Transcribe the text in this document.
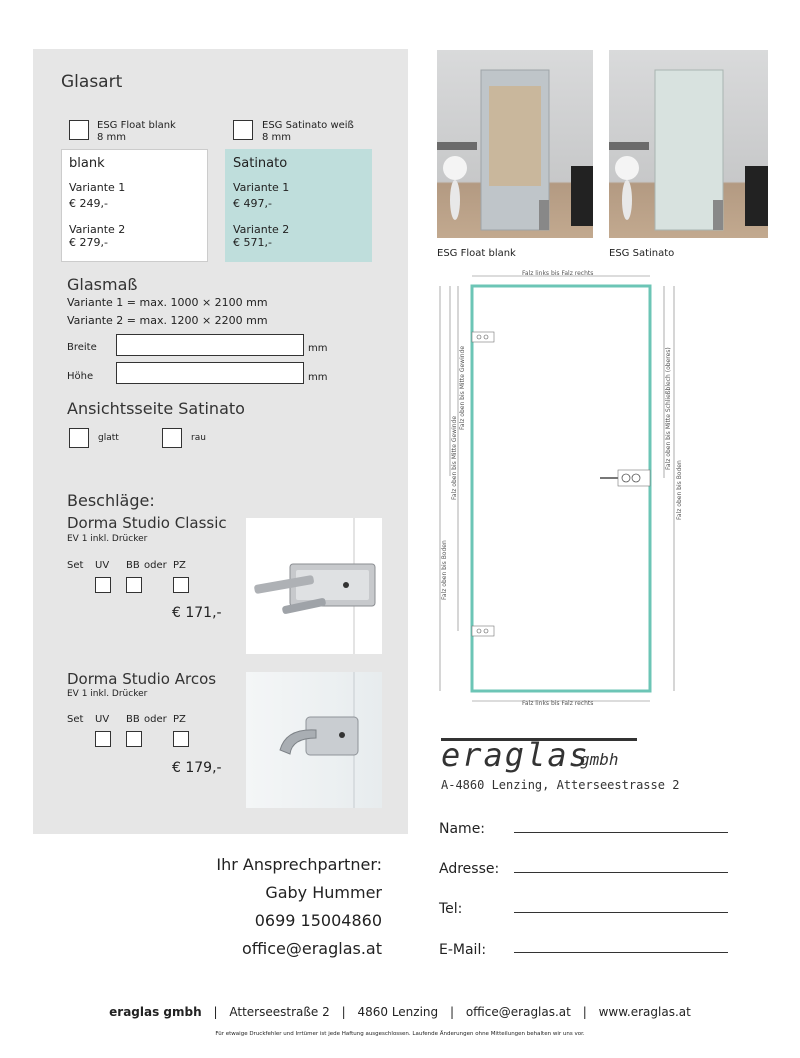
Glasart
ESG Float blank
8 mm
ESG Satinato weiß
8 mm
blank
Variante 1
€ 249,-
Variante 2
€ 279,-
Satinato
Variante 1
€ 497,-
Variante 2
€ 571,-
Glasmaß
Variante 1 = max. 1000 × 2100 mm
Variante 2 = max. 1200 × 2200 mm
Breite	mm
Höhe	mm
Ansichtsseite Satinato
glatt	rau
Beschläge:
Dorma Studio Classic
EV 1 inkl. Drücker
Set UV BB oder PZ
€ 171,-
Dorma Studio Arcos
EV 1 inkl. Drücker
Set UV BB oder PZ
€ 179,-
ESG Float blank	ESG Satinato
Falz links bis Falz rechts
Falz links bis Falz rechts
Falz oben bis Boden
Falz oben bis Mitte Gewinde
Falz oben bis Mitte Gewinde	Falz oben bis Mitte Schließblech (oberes)
Falz oben bis Boden
eraglas
gmbh
A-4860 Lenzing, Atterseestrasse 2
Name:
Adresse:
Tel:
E-Mail:
Ihr Ansprechpartner:
Gaby Hummer
0699 15004860
office@eraglas.at
eraglas gmbh | Atterseestraße 2 | 4860 Lenzing | office@eraglas.at | www.eraglas.at
Für etwaige Druckfehler und Irrtümer ist jede Haftung ausgeschlossen. Laufende Änderungen ohne Mitteilungen behalten wir uns vor.
